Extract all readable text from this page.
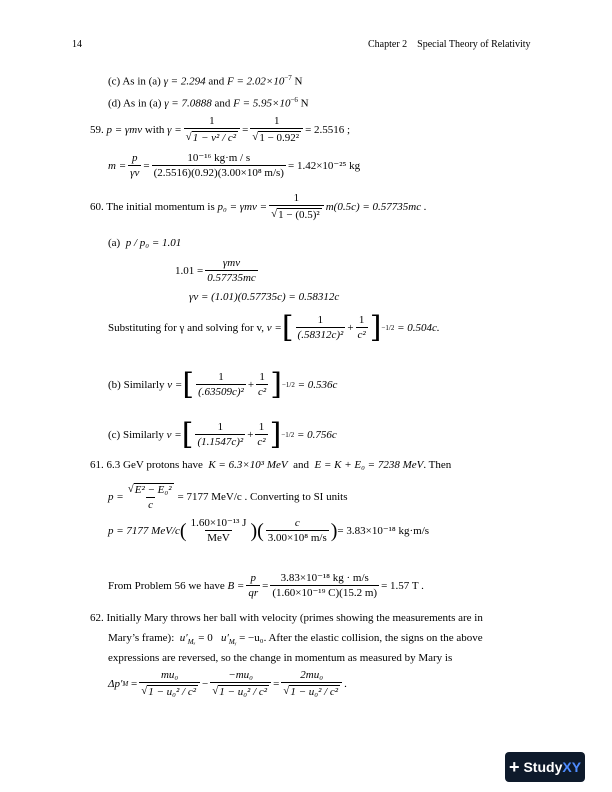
14	Chapter 2 Special Theory of Relativity
(c) As in (a) γ = 2.294 and $F = 2.02\times 10^{-7}$ N
(d) As in (a) γ = 7.0888 and $F = 5.95\times 10^{-6}$ N
59.
p = γmv
with
$\gamma = \frac{1}{\text{√ 1 − v² / c²}} = \frac{1}{\text{√ 1 − 0.92²}} = 2.5516$ ;
$m = \frac{p}{\gamma v} = \frac{\text{10⁻¹⁶ kg·m / s}}{\text{(2.5516)(0.92)(3.00×10⁸ m/s)}} = 1.42\times 10^{-25}$ kg
60. The initial momentum is
$p_0 = \gamma mv = \frac{1}{\text{√ 1 − (0.5)²}} m(0.5c) = 0.57735mc$ .
(a) p / p₀ = 1.01
$1.01 = \frac{\text{γmv}}{0.57735mc}$
γv = (1.01)(0.57735c) = 0.58312c
Substituting for γ and solving for v,
v = [ $\frac{1}{\text{(.58312c)²}} + \frac{1}{\text{c²}}$ ] −1/2
= 0.504c.
(b) Similarly
v = [ $\frac{1}{\text{(.63509c)²}} + \frac{1}{\text{c²}}$ ] −1/2
= 0.536c
(c) Similarly
v = [ $\frac{1}{\text{(1.1547c)²}} + \frac{1}{\text{c²}}$ ] −1/2
= 0.756c
61. 6.3 GeV protons have K = 6.3×10³ MeV and E = K + E₀ = 7238 MeV. Then
$p = \frac{\text{√ E² − E₀²}}{c} = 7177$ MeV/c .
Converting to SI units
p = 7177 MeV/c ( $\frac{\text{1.60×10⁻¹³ J}}{\text{MeV}}$ ) ( $\frac{c}{\text{3.00×10⁸ m/s}}$ ) = 3.83×10⁻¹⁸ kg·m/s
From Problem 56 we have
$B = \frac{p}{qr} = \frac{\text{3.83×10⁻¹⁸ kg · m/s}}{\text{(1.60×10⁻¹⁹ C)(15.2 m)}} = 1.57$ T .
62. Initially Mary throws her ball with velocity (primes showing the measurements are in
Mary’s frame): $u'_{M_x} = 0$ $u'_{Mᵧ} = -u_0$. After the elastic collision, the signs on the above
expressions are reversed, so the change in momentum as measured by Mary is
Δp′ $M = \frac{\text{mu₀}}{\text{√ 1 − u₀² / c²}} - \frac{\text{−mu₀}}{\text{√ 1 − u₀² / c²}} = \frac{\text{2mu₀}}{\text{√ 1 − u₀² / c²}}$ .
+ Study XY
